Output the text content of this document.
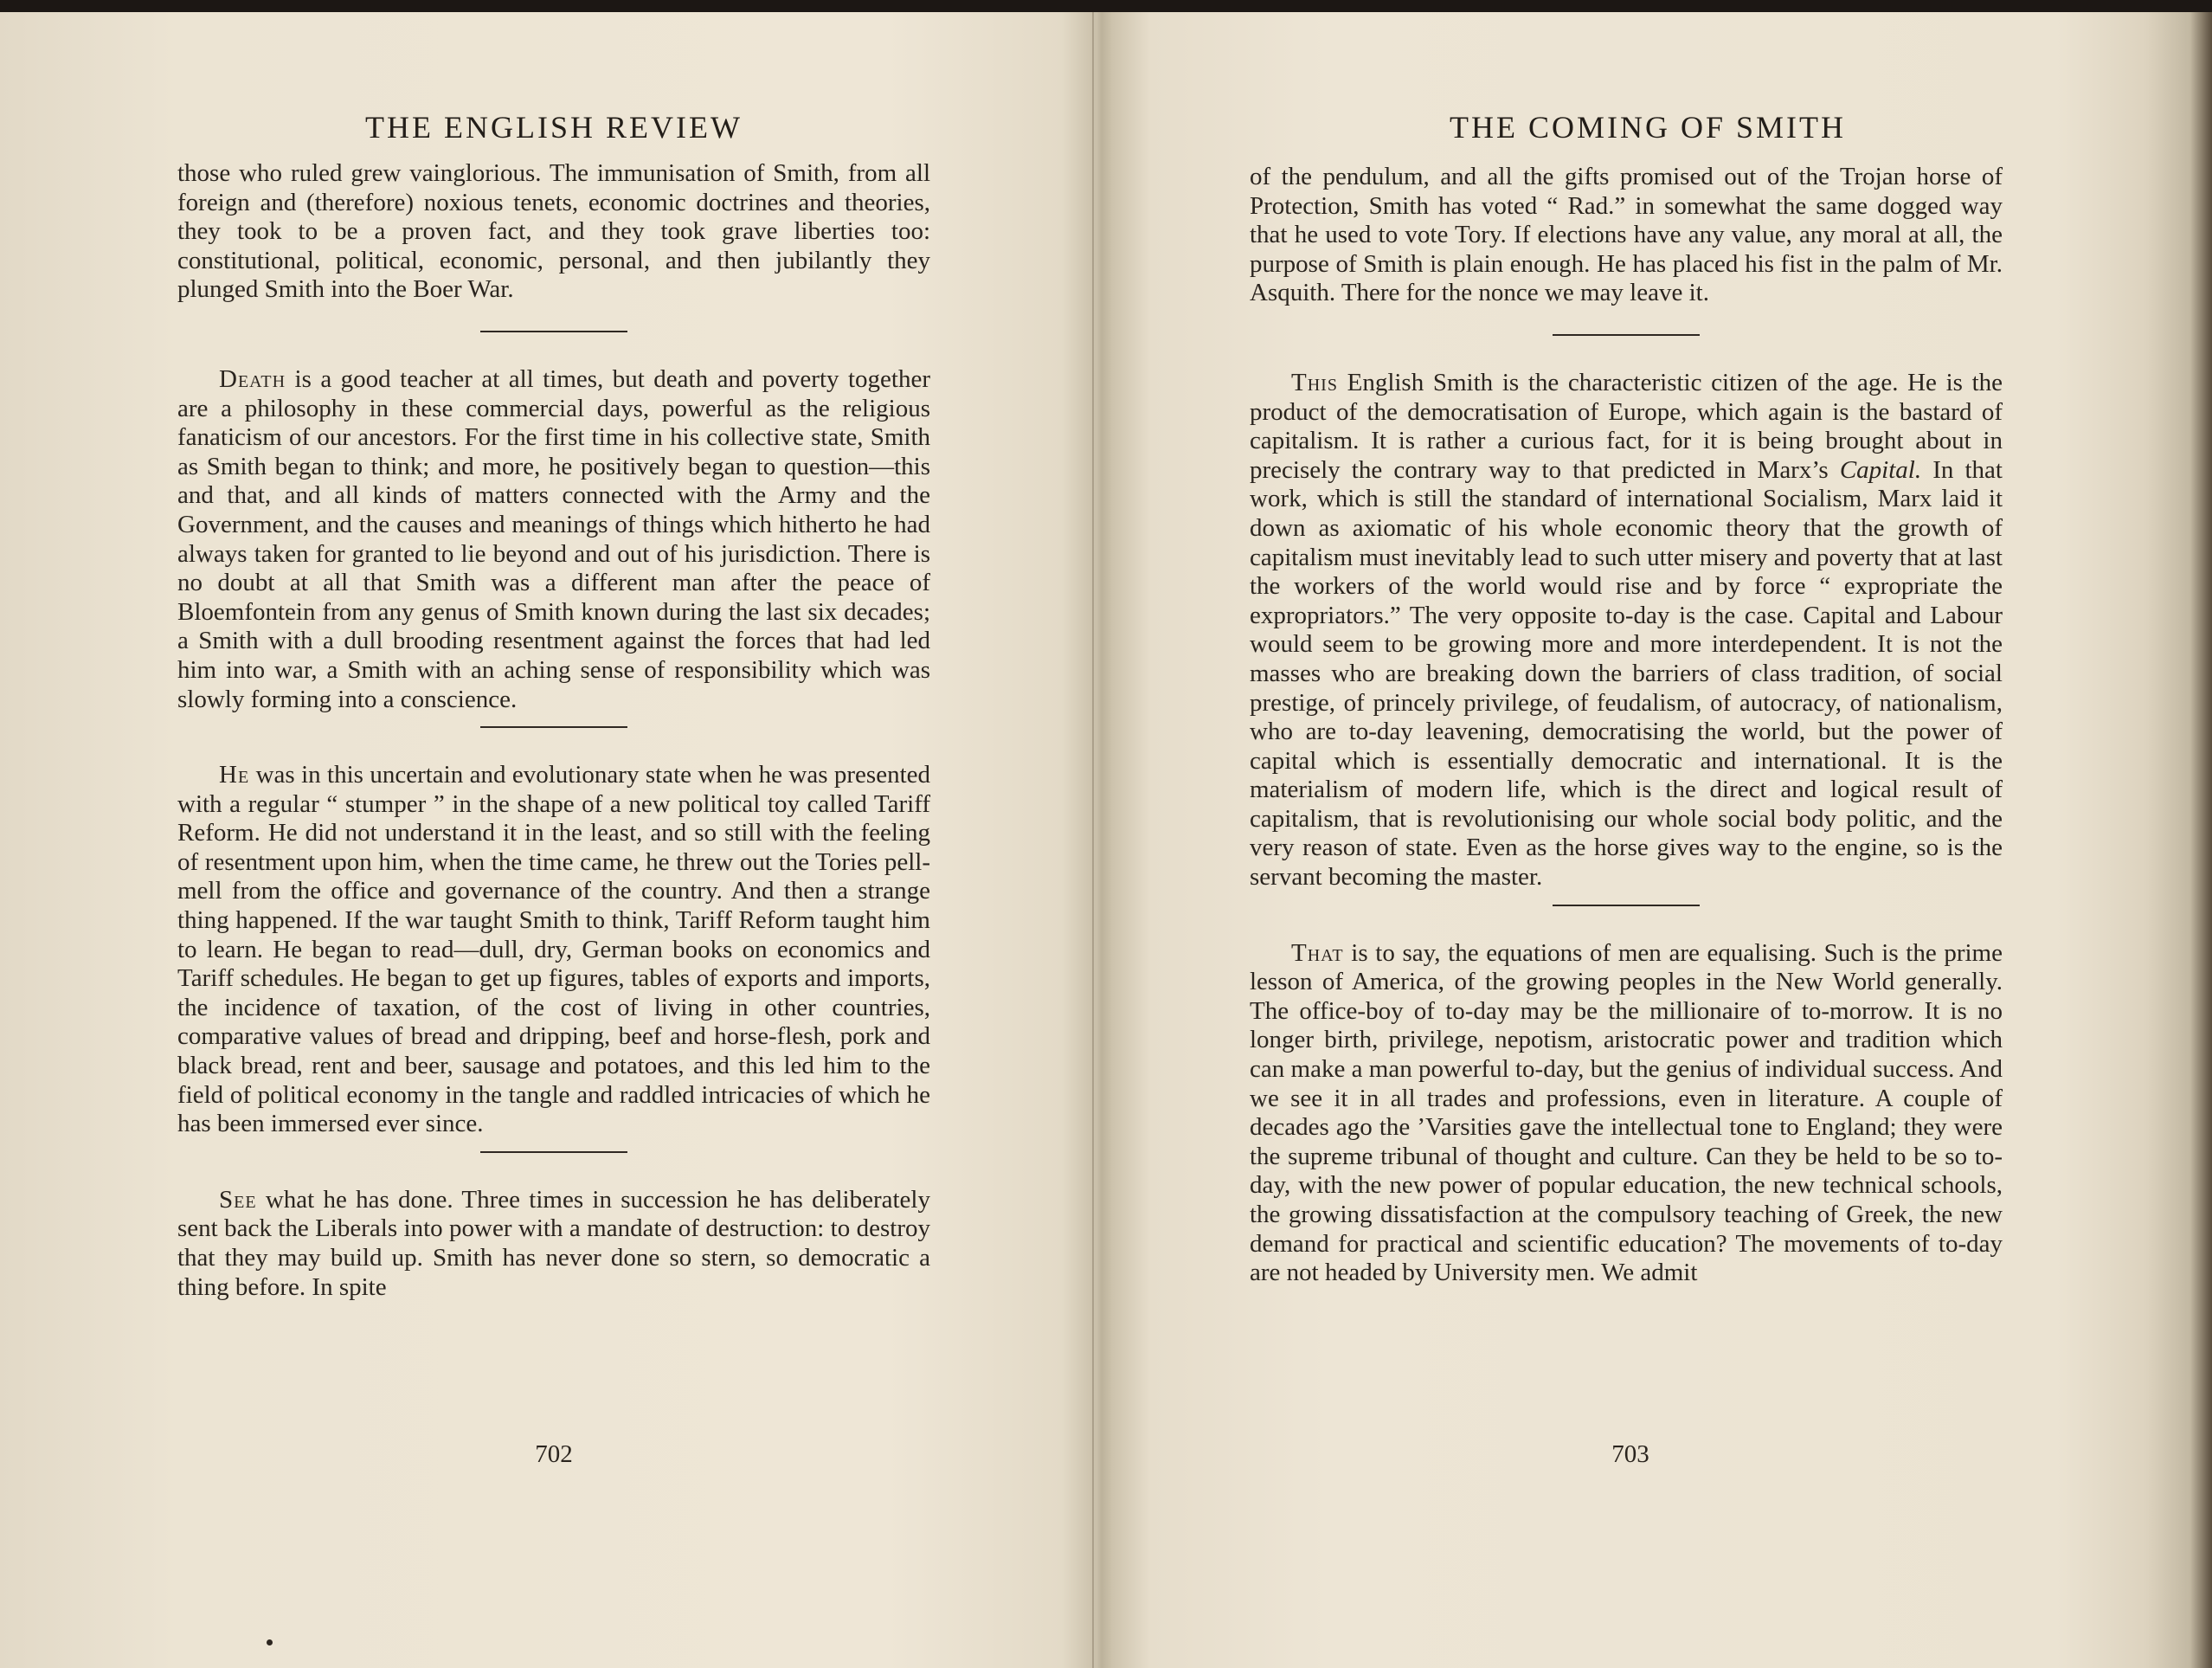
THE ENGLISH REVIEW

those who ruled grew vainglorious. The immunisation of Smith, from all foreign and (therefore) noxious tenets, economic doctrines and theories, they took to be a proven fact, and they took grave liberties too: constitutional, political, economic, personal, and then jubilantly they plunged Smith into the Boer War.

Death is a good teacher at all times, but death and poverty together are a philosophy in these commercial days, powerful as the religious fanaticism of our ancestors. For the first time in his collective state, Smith as Smith began to think; and more, he positively began to question—this and that, and all kinds of matters connected with the Army and the Government, and the causes and meanings of things which hitherto he had always taken for granted to lie beyond and out of his jurisdiction. There is no doubt at all that Smith was a different man after the peace of Bloemfontein from any genus of Smith known during the last six decades; a Smith with a dull brooding resentment against the forces that had led him into war, a Smith with an aching sense of responsibility which was slowly forming into a conscience.

He was in this uncertain and evolutionary state when he was presented with a regular “ stumper ” in the shape of a new political toy called Tariff Reform. He did not understand it in the least, and so still with the feeling of resentment upon him, when the time came, he threw out the Tories pell-mell from the office and governance of the country. And then a strange thing happened. If the war taught Smith to think, Tariff Reform taught him to learn. He began to read—dull, dry, German books on economics and Tariff schedules. He began to get up figures, tables of exports and imports, the incidence of taxation, of the cost of living in other countries, comparative values of bread and dripping, beef and horse-flesh, pork and black bread, rent and beer, sausage and potatoes, and this led him to the field of political economy in the tangle and raddled intricacies of which he has been immersed ever since.

See what he has done. Three times in succession he has deliberately sent back the Liberals into power with a mandate of destruction: to destroy that they may build up. Smith has never done so stern, so democratic a thing before. In spite

702

THE COMING OF SMITH

of the pendulum, and all the gifts promised out of the Trojan horse of Protection, Smith has voted “ Rad.” in somewhat the same dogged way that he used to vote Tory. If elections have any value, any moral at all, the purpose of Smith is plain enough. He has placed his fist in the palm of Mr. Asquith. There for the nonce we may leave it.

This English Smith is the characteristic citizen of the age. He is the product of the democratisation of Europe, which again is the bastard of capitalism. It is rather a curious fact, for it is being brought about in precisely the contrary way to that predicted in Marx’s Capital. In that work, which is still the standard of international Socialism, Marx laid it down as axiomatic of his whole economic theory that the growth of capitalism must inevitably lead to such utter misery and poverty that at last the workers of the world would rise and by force “ expropriate the expropriators.” The very opposite to-day is the case. Capital and Labour would seem to be growing more and more interdependent. It is not the masses who are breaking down the barriers of class tradition, of social prestige, of princely privilege, of feudalism, of autocracy, of nationalism, who are to-day leavening, democratising the world, but the power of capital which is essentially democratic and international. It is the materialism of modern life, which is the direct and logical result of capitalism, that is revolutionising our whole social body politic, and the very reason of state. Even as the horse gives way to the engine, so is the servant becoming the master.

That is to say, the equations of men are equalising. Such is the prime lesson of America, of the growing peoples in the New World generally. The office-boy of to-day may be the millionaire of to-morrow. It is no longer birth, privilege, nepotism, aristocratic power and tradition which can make a man powerful to-day, but the genius of individual success. And we see it in all trades and professions, even in literature. A couple of decades ago the ’Varsities gave the intellectual tone to England; they were the supreme tribunal of thought and culture. Can they be held to be so to-day, with the new power of popular education, the new technical schools, the growing dissatisfaction at the compulsory teaching of Greek, the new demand for practical and scientific education? The movements of to-day are not headed by University men. We admit

703
